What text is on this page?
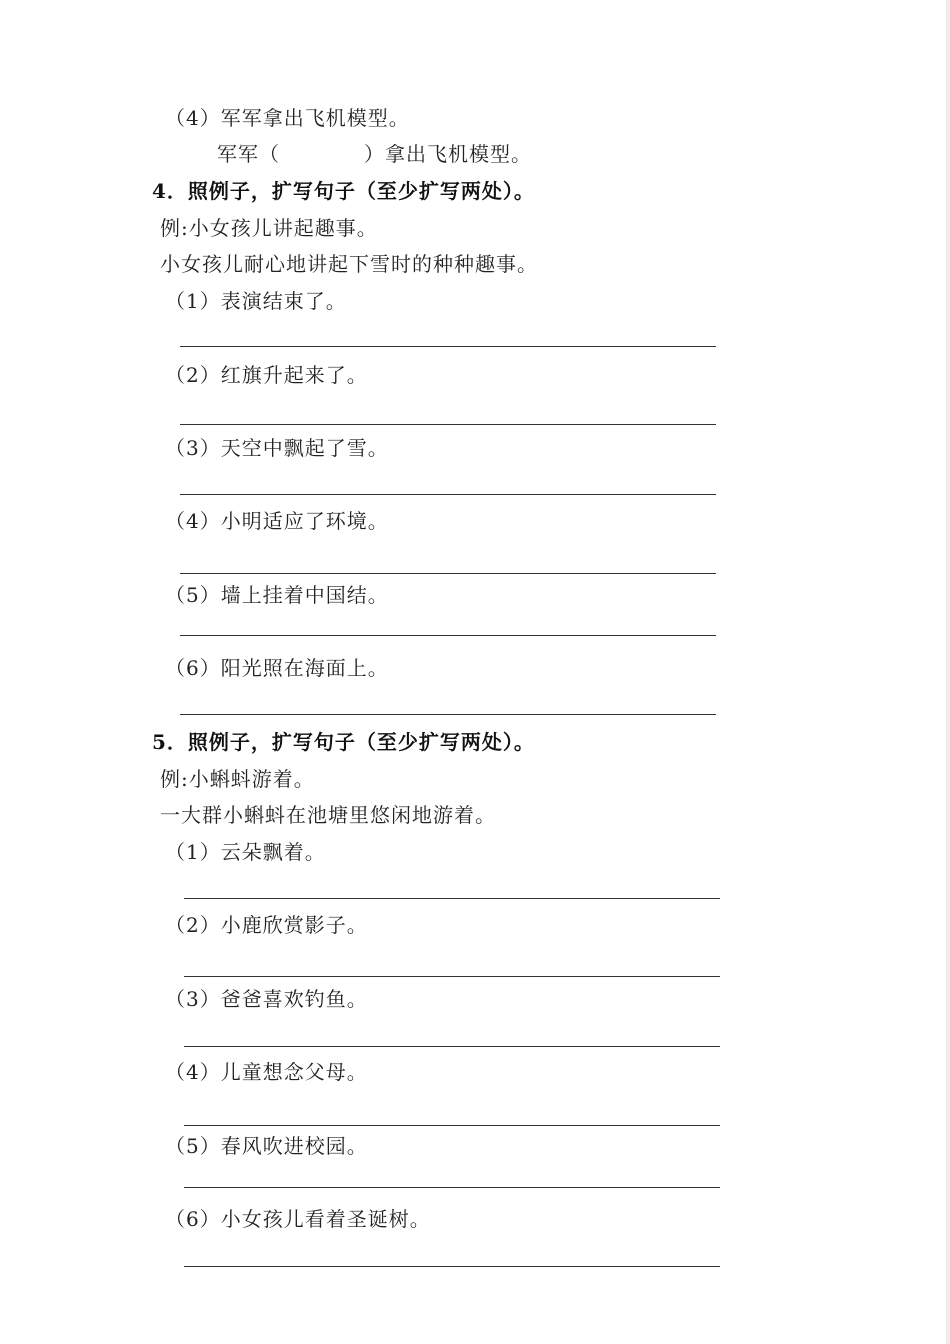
（4）军军拿出飞机模型。
军军（　　　　）拿出飞机模型。
4．照例子，扩写句子（至少扩写两处）。
例:小女孩儿讲起趣事。
小女孩儿耐心地讲起下雪时的种种趣事。
（1）表演结束了。
（2）红旗升起来了。
（3）天空中飘起了雪。
（4）小明适应了环境。
（5）墙上挂着中国结。
（6）阳光照在海面上。
5．照例子，扩写句子（至少扩写两处）。
例:小蝌蚪游着。
一大群小蝌蚪在池塘里悠闲地游着。
（1）云朵飘着。
（2）小鹿欣赏影子。
（3）爸爸喜欢钓鱼。
（4）儿童想念父母。
（5）春风吹进校园。
（6）小女孩儿看着圣诞树。
